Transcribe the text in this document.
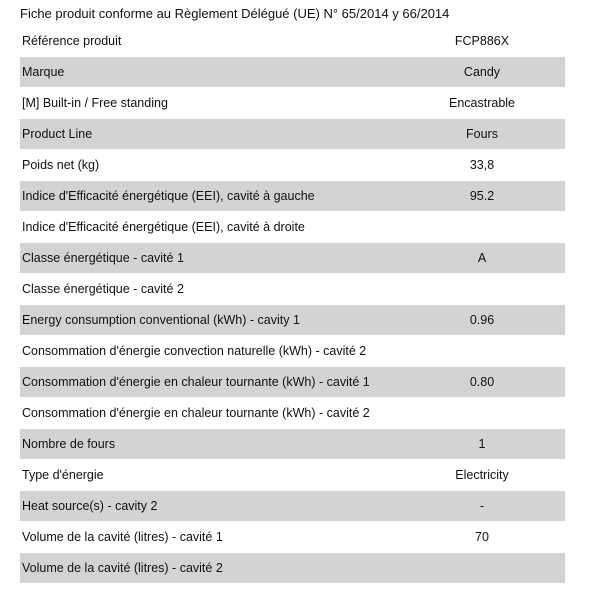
Fiche produit conforme au Règlement Délégué (UE) N° 65/2014 y 66/2014
Référence produit	FCP886X
Marque	Candy
[M] Built-in / Free standing	Encastrable
Product Line	Fours
Poids net (kg)	33,8
Indice d'Efficacité énergétique (EEI), cavité à gauche	95.2
Indice d'Efficacité énergétique (EEI), cavité à droite
Classe énergétique - cavité 1	A
Classe énergétique - cavité 2
Energy consumption conventional (kWh) - cavity 1	0.96
Consommation d'énergie convection naturelle (kWh) - cavité 2
Consommation d'énergie en chaleur tournante (kWh) - cavité 1	0.80
Consommation d'énergie en chaleur tournante (kWh) - cavité 2
Nombre de fours	1
Type d'énergie	Electricity
Heat source(s) - cavity 2	-
Volume de la cavité (litres) - cavité 1	70
Volume de la cavité (litres) - cavité 2
